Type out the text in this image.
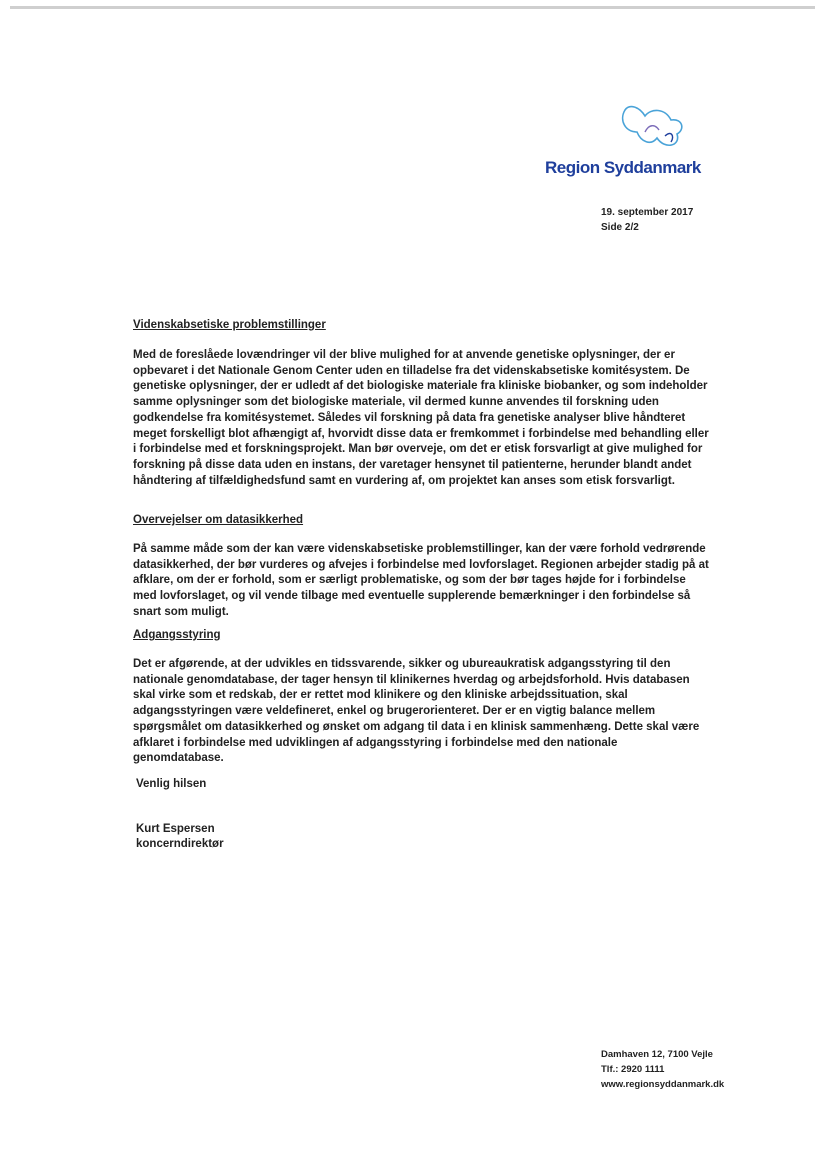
Region Syddanmark
19. september 2017
Side 2/2
Videnskabsetiske problemstillinger
Med de foreslåede lovændringer vil der blive mulighed for at anvende genetiske oplysninger, der er opbevaret i det Nationale Genom Center uden en tilladelse fra det videnskabsetiske komitésystem. De genetiske oplysninger, der er udledt af det biologiske materiale fra kliniske biobanker, og som indeholder samme oplysninger som det biologiske materiale, vil dermed kunne anvendes til forskning uden godkendelse fra komitésystemet. Således vil forskning på data fra genetiske analyser blive håndteret meget forskelligt blot afhængigt af, hvorvidt disse data er fremkommet i forbindelse med behandling eller i forbindelse med et forskningsprojekt. Man bør overveje, om det er etisk forsvarligt at give mulighed for forskning på disse data uden en instans, der varetager hensynet til patienterne, herunder blandt andet håndtering af tilfældighedsfund samt en vurdering af, om projektet kan anses som etisk forsvarligt.
Overvejelser om datasikkerhed
På samme måde som der kan være videnskabsetiske problemstillinger, kan der være forhold vedrørende datasikkerhed, der bør vurderes og afvejes i forbindelse med lovforslaget. Regionen arbejder stadig på at afklare, om der er forhold, som er særligt problematiske, og som der bør tages højde for i forbindelse med lovforslaget, og vil vende tilbage med eventuelle supplerende bemærkninger i den forbindelse så snart som muligt.
Adgangsstyring
Det er afgørende, at der udvikles en tidssvarende, sikker og ubureaukratisk adgangsstyring til den nationale genomdatabase, der tager hensyn til klinikernes hverdag og arbejdsforhold. Hvis databasen skal virke som et redskab, der er rettet mod klinikere og den kliniske arbejdssituation, skal adgangsstyringen være veldefineret, enkel og brugerorienteret. Der er en vigtig balance mellem spørgsmålet om datasikkerhed og ønsket om adgang til data i en klinisk sammenhæng. Dette skal være afklaret i forbindelse med udviklingen af adgangsstyring i forbindelse med den nationale genomdatabase.
Venlig hilsen
Kurt Espersen
koncerndirektør
Damhaven 12, 7100 Vejle
Tlf.: 2920 1111
www.regionsyddanmark.dk
